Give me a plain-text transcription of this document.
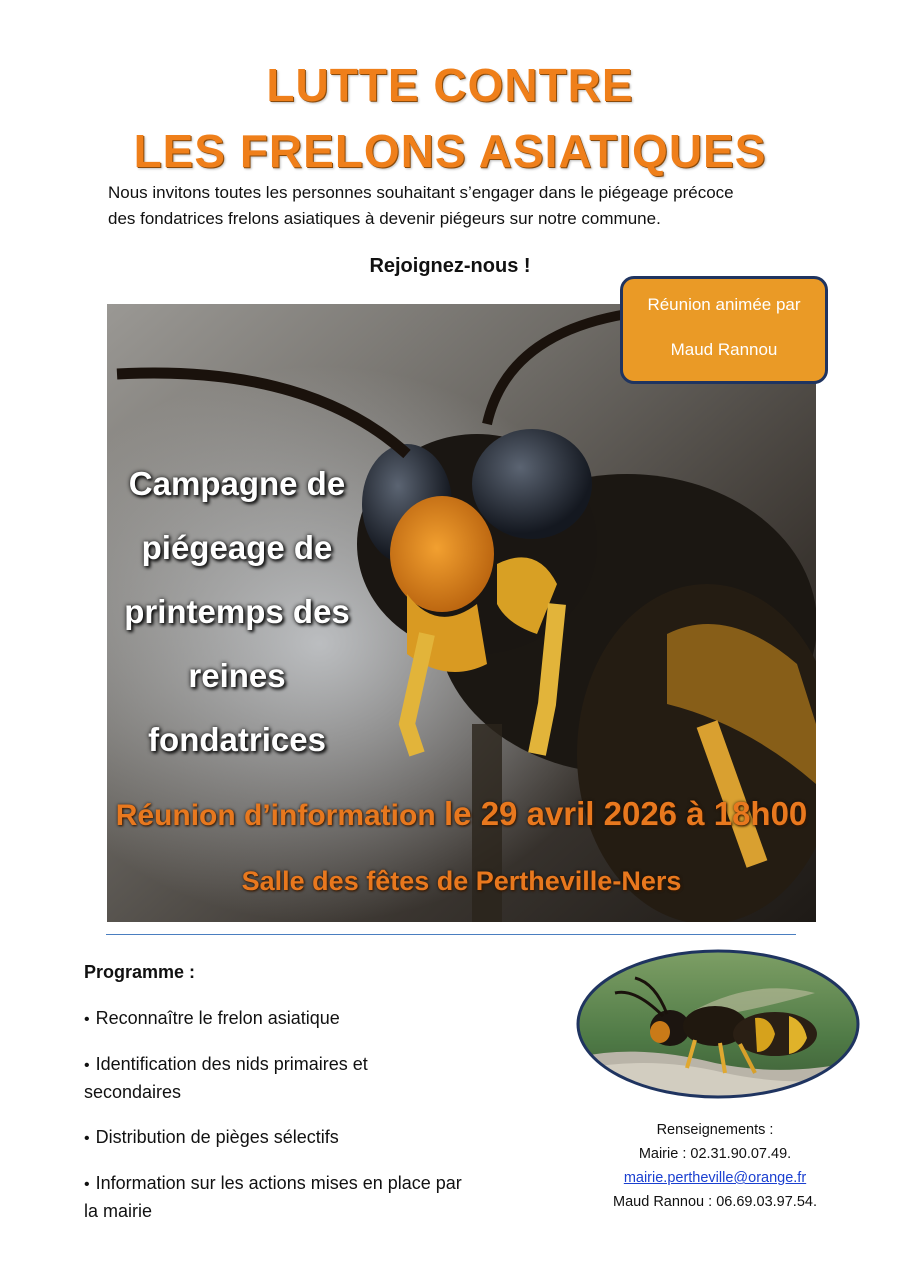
LUTTE CONTRE
LES FRELONS ASIATIQUES
Nous invitons toutes les personnes souhaitant s’engager dans le piégeage précoce
des fondatrices frelons asiatiques à devenir piégeurs sur notre commune.
Rejoignez-nous !
Campagne de
piégeage de
printemps des
reines
fondatrices
Réunion d’information le 29 avril 2026 à 18h00
Salle des fêtes de Pertheville-Ners
Réunion animée par
Maud Rannou
Programme :
• Reconnaître le frelon asiatique
• Identification des nids primaires et
secondaires
• Distribution de pièges sélectifs
• Information sur les actions mises en place par
la mairie
Renseignements :
Mairie : 02.31.90.07.49.
mairie.pertheville@orange.fr
Maud Rannou : 06.69.03.97.54.
